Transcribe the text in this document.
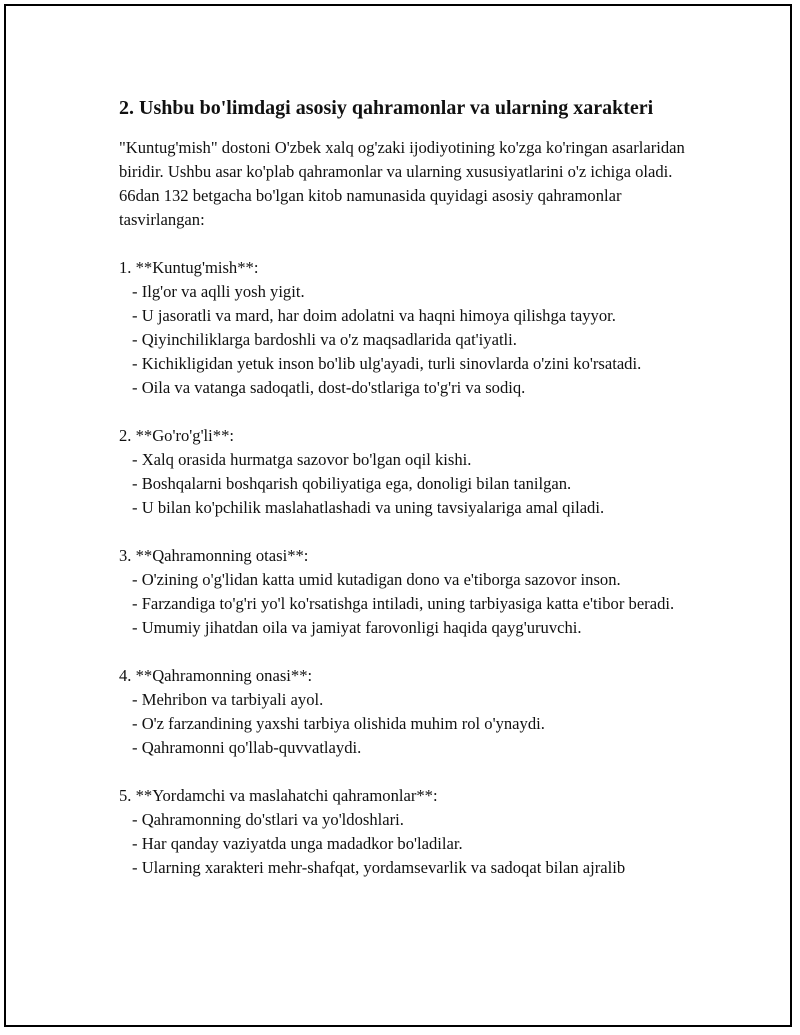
2. Ushbu bo'limdagi asosiy qahramonlar va ularning xarakteri

"Kuntug'mish" dostoni O'zbek xalq og'zaki ijodiyotining ko'zga ko'ringan asarlaridan biridir. Ushbu asar ko'plab qahramonlar va ularning xususiyatlarini o'z ichiga oladi. 66dan 132 betgacha bo'lgan kitob namunasida quyidagi asosiy qahramonlar tasvirlangan:

1. **Kuntug'mish**:
- Ilg'or va aqlli yosh yigit.
- U jasoratli va mard, har doim adolatni va haqni himoya qilishga tayyor.
- Qiyinchiliklarga bardoshli va o'z maqsadlarida qat'iyatli.
- Kichikligidan yetuk inson bo'lib ulg'ayadi, turli sinovlarda o'zini ko'rsatadi.
- Oila va vatanga sadoqatli, dost-do'stlariga to'g'ri va sodiq.
2. **Go'ro'g'li**:
- Xalq orasida hurmatga sazovor bo'lgan oqil kishi.
- Boshqalarni boshqarish qobiliyatiga ega, donoligi bilan tanilgan.
- U bilan ko'pchilik maslahatlashadi va uning tavsiyalariga amal qiladi.
3. **Qahramonning otasi**:
- O'zining o'g'lidan katta umid kutadigan dono va e'tiborga sazovor inson.
- Farzandiga to'g'ri yo'l ko'rsatishga intiladi, uning tarbiyasiga katta e'tibor beradi.
- Umumiy jihatdan oila va jamiyat farovonligi haqida qayg'uruvchi.
4. **Qahramonning onasi**:
- Mehribon va tarbiyali ayol.
- O'z farzandining yaxshi tarbiya olishida muhim rol o'ynaydi.
- Qahramonni qo'llab-quvvatlaydi.
5. **Yordamchi va maslahatchi qahramonlar**:
- Qahramonning do'stlari va yo'ldoshlari.
- Har qanday vaziyatda unga madadkor bo'ladilar.
- Ularning xarakteri mehr-shafqat, yordamsevarlik va sadoqat bilan ajralib
